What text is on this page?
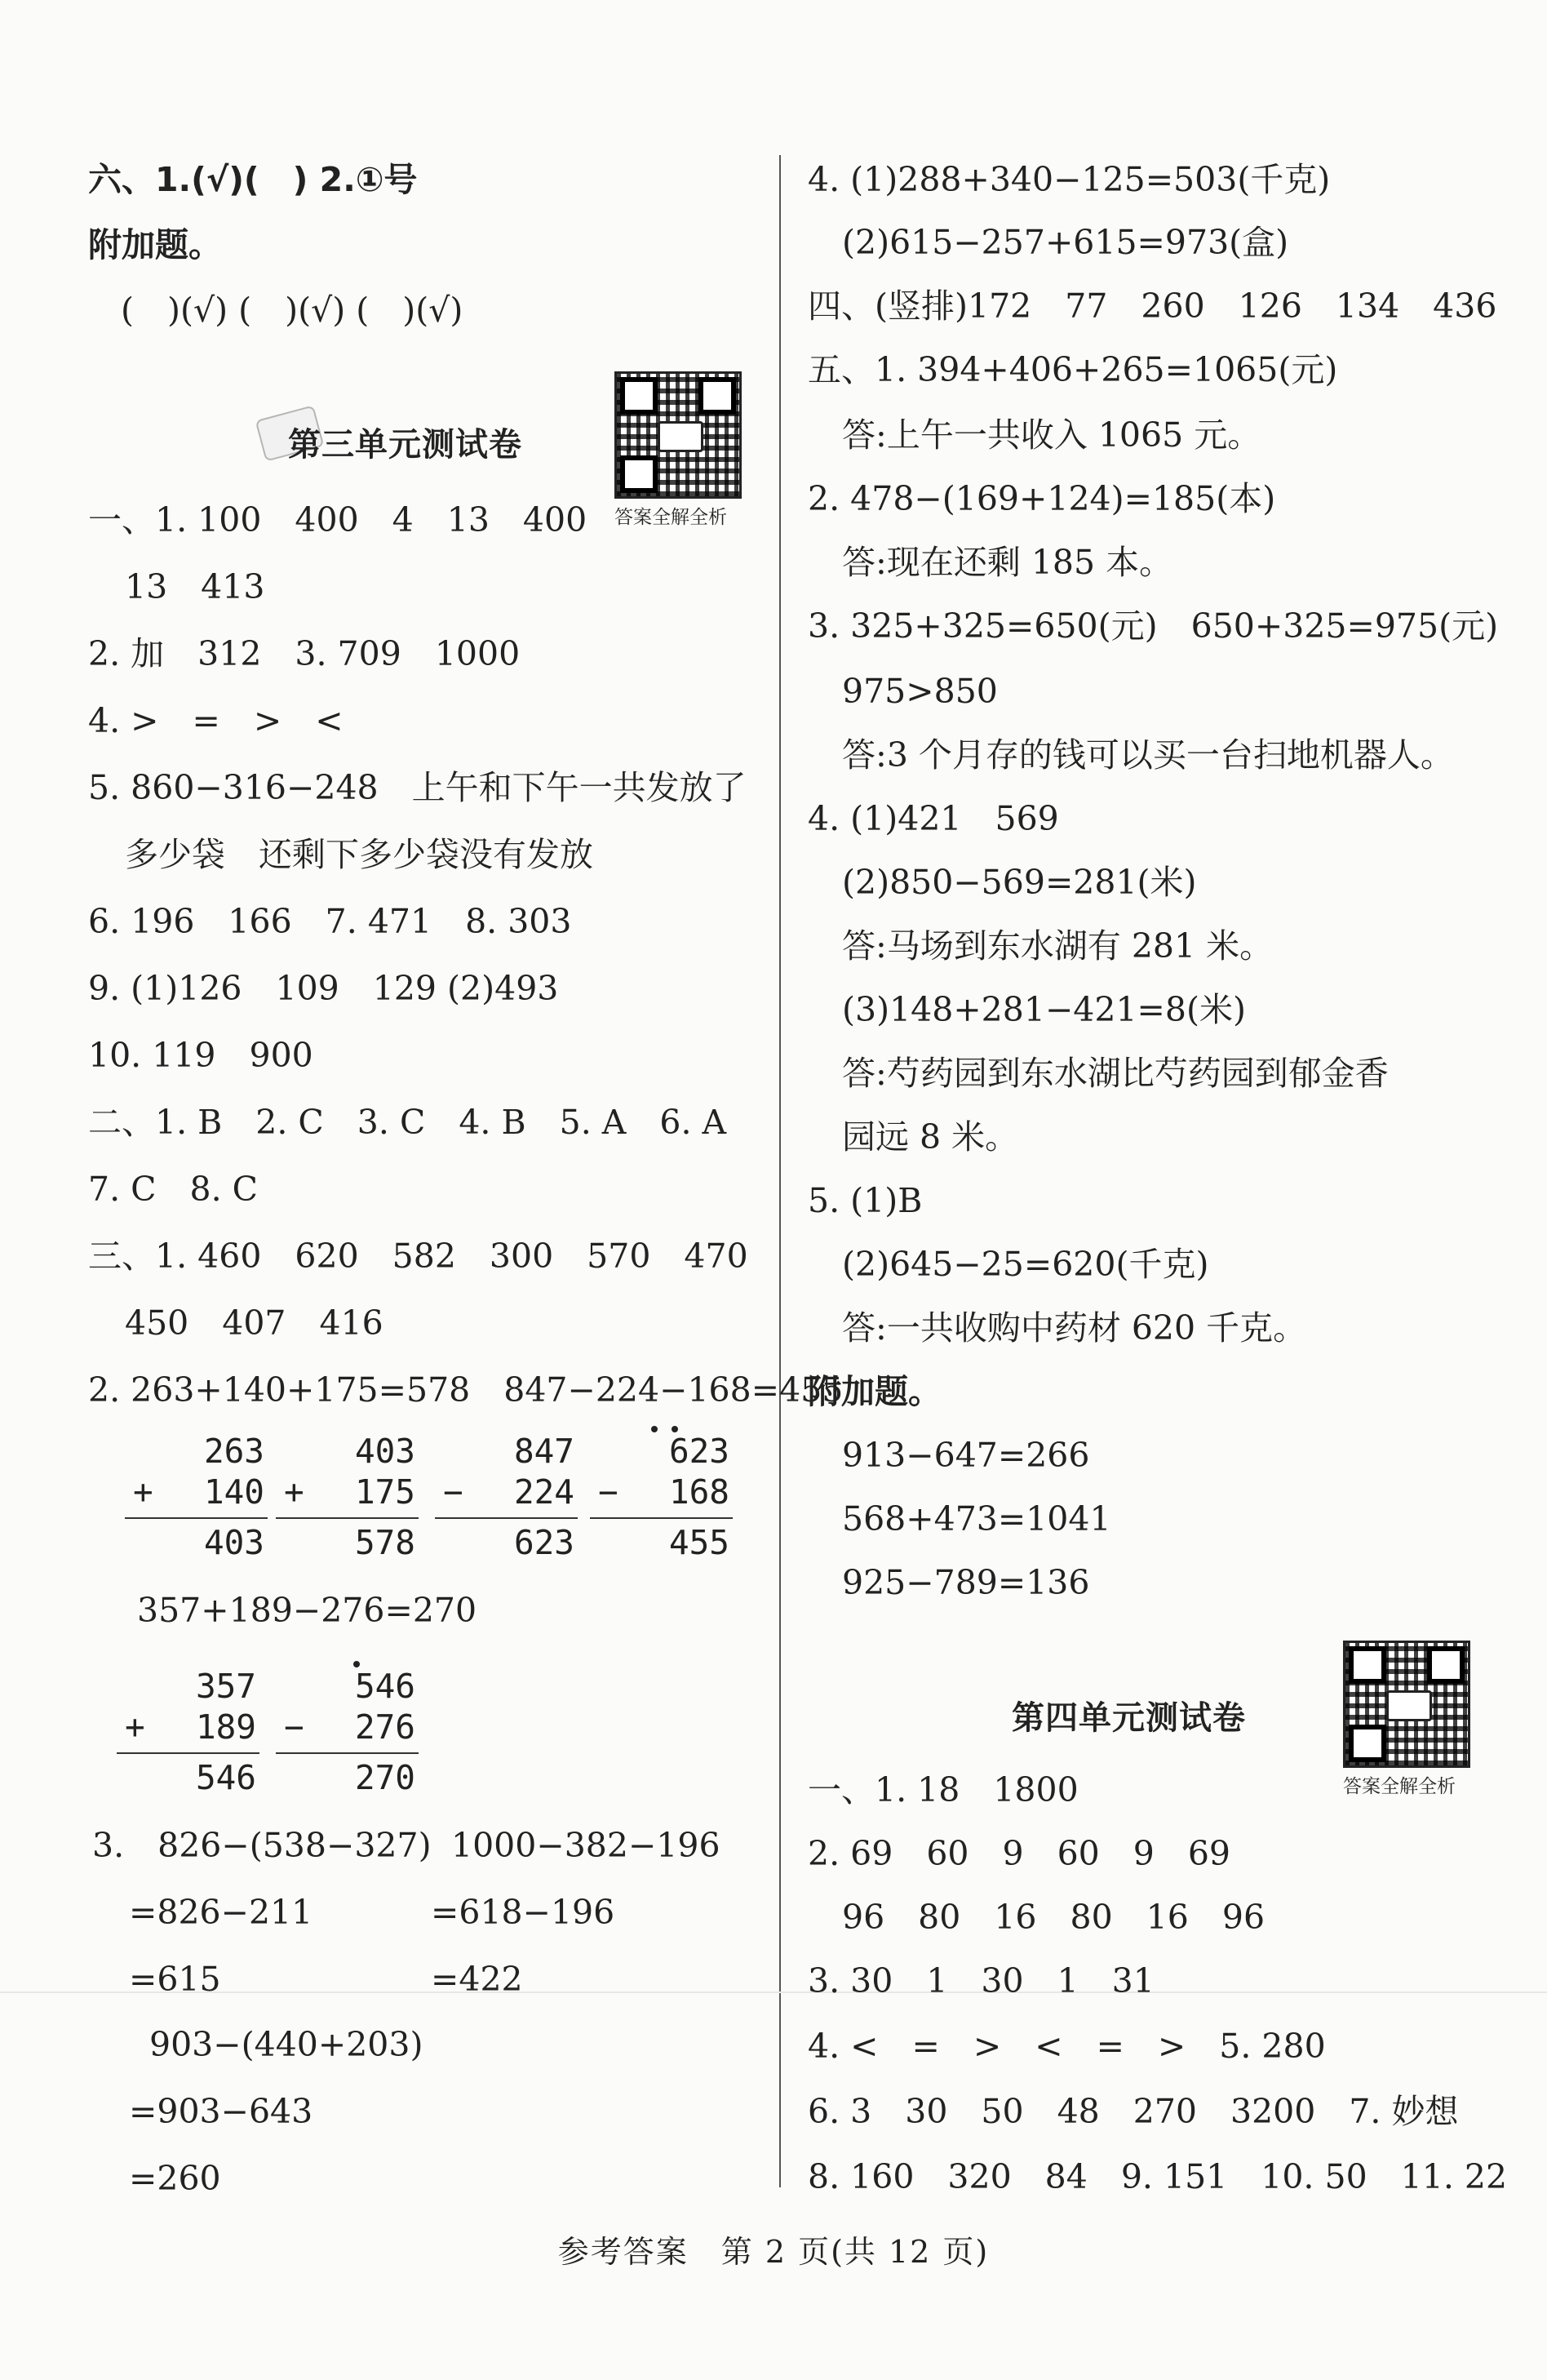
六、1.(√)(　) 2.①号
附加题。
(　)(√) (　)(√) (　)(√)
第三单元测试卷
答案全解全析
一、1. 100　400　4　13　400
13　413
2. 加　312　3. 709　1000
4. >　=　>　<
5. 860−316−248　上午和下午一共发放了
多少袋　还剩下多少袋没有发放
6. 196　166　7. 471　8. 303
9. (1)126　109　129 (2)493
10. 119　900
二、1. B　2. C　3. C　4. B　5. A　6. A
7. C　8. C
三、1. 460　620　582　300　570　470
450　407　416
2. 263+140+175=578　847−224−168=455
263
+ 140
403
403
+ 175
578
847
− 224
623
623
− 168
455
357+189−276=270
357
+ 189
546
546
− 276
270
3.　826−(538−327)
=826−211
=615
1000−382−196
=618−196
=422
903−(440+203)
=903−643
=260
4. (1)288+340−125=503(千克)
(2)615−257+615=973(盒)
四、(竖排)172　77　260　126　134　436
五、1. 394+406+265=1065(元)
答:上午一共收入 1065 元。
2. 478−(169+124)=185(本)
答:现在还剩 185 本。
3. 325+325=650(元)　650+325=975(元)
975>850
答:3 个月存的钱可以买一台扫地机器人。
4. (1)421　569
(2)850−569=281(米)
答:马场到东水湖有 281 米。
(3)148+281−421=8(米)
答:芍药园到东水湖比芍药园到郁金香
园远 8 米。
5. (1)B
(2)645−25=620(千克)
答:一共收购中药材 620 千克。
附加题。
913−647=266
568+473=1041
925−789=136
第四单元测试卷
答案全解全析
一、1. 18　1800
2. 69　60　9　60　9　69
96　80　16　80　16　96
3. 30　1　30　1　31
4. <　=　>　<　=　>　5. 280
6. 3　30　50　48　270　3200　7. 妙想
8. 160　320　84　9. 151　10. 50　11. 22
参考答案　第 2 页(共 12 页)
